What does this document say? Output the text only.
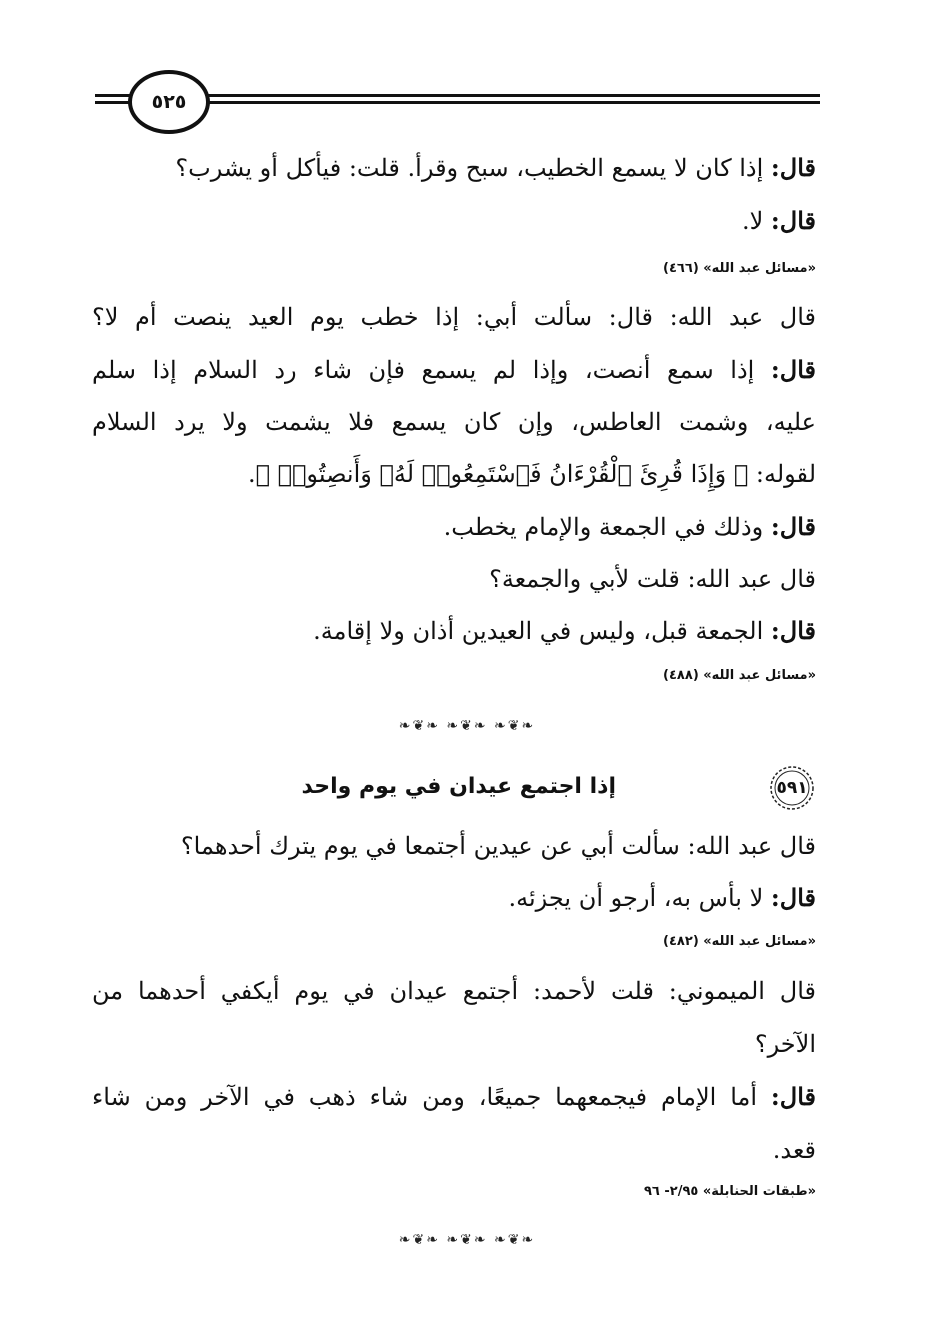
٥٢٥
قال: إذا كان لا يسمع الخطيب، سبح وقرأ. قلت: فيأكل أو يشرب؟
قال: لا.
«مسائل عبد الله» (٤٦٦)
قال عبد الله: قال: سألت أبي: إذا خطب يوم العيد ينصت أم لا؟
قال: إذا سمع أنصت، وإذا لم يسمع فإن شاء رد السلام إذا سلم
عليه، وشمت العاطس، وإن كان يسمع فلا يشمت ولا يرد السلام
لقوله: ﴿ وَإِذَا قُرِئَ ٱلْقُرْءَانُ فَٱسْتَمِعُوا۟ لَهُۥ وَأَنصِتُوا۟ ﴾.
قال: وذلك في الجمعة والإمام يخطب.
قال عبد الله: قلت لأبي والجمعة؟
قال: الجمعة قبل، وليس في العيدين أذان ولا إقامة.
«مسائل عبد الله» (٤٨٨)
❧❦❧ ❧❦❧ ❧❦❧
٥٩١
إذا اجتمع عيدان في يوم واحد
قال عبد الله: سألت أبي عن عيدين أجتمعا في يوم يترك أحدهما؟
قال: لا بأس به، أرجو أن يجزئه.
«مسائل عبد الله» (٤٨٢)
قال الميموني: قلت لأحمد: أجتمع عيدان في يوم أيكفي أحدهما من
الآخر؟
قال: أما الإمام فيجمعهما جميعًا، ومن شاء ذهب في الآخر ومن شاء
قعد.
«طبقات الحنابلة» ٢/٩٥- ٩٦
❧❦❧ ❧❦❧ ❧❦❧
